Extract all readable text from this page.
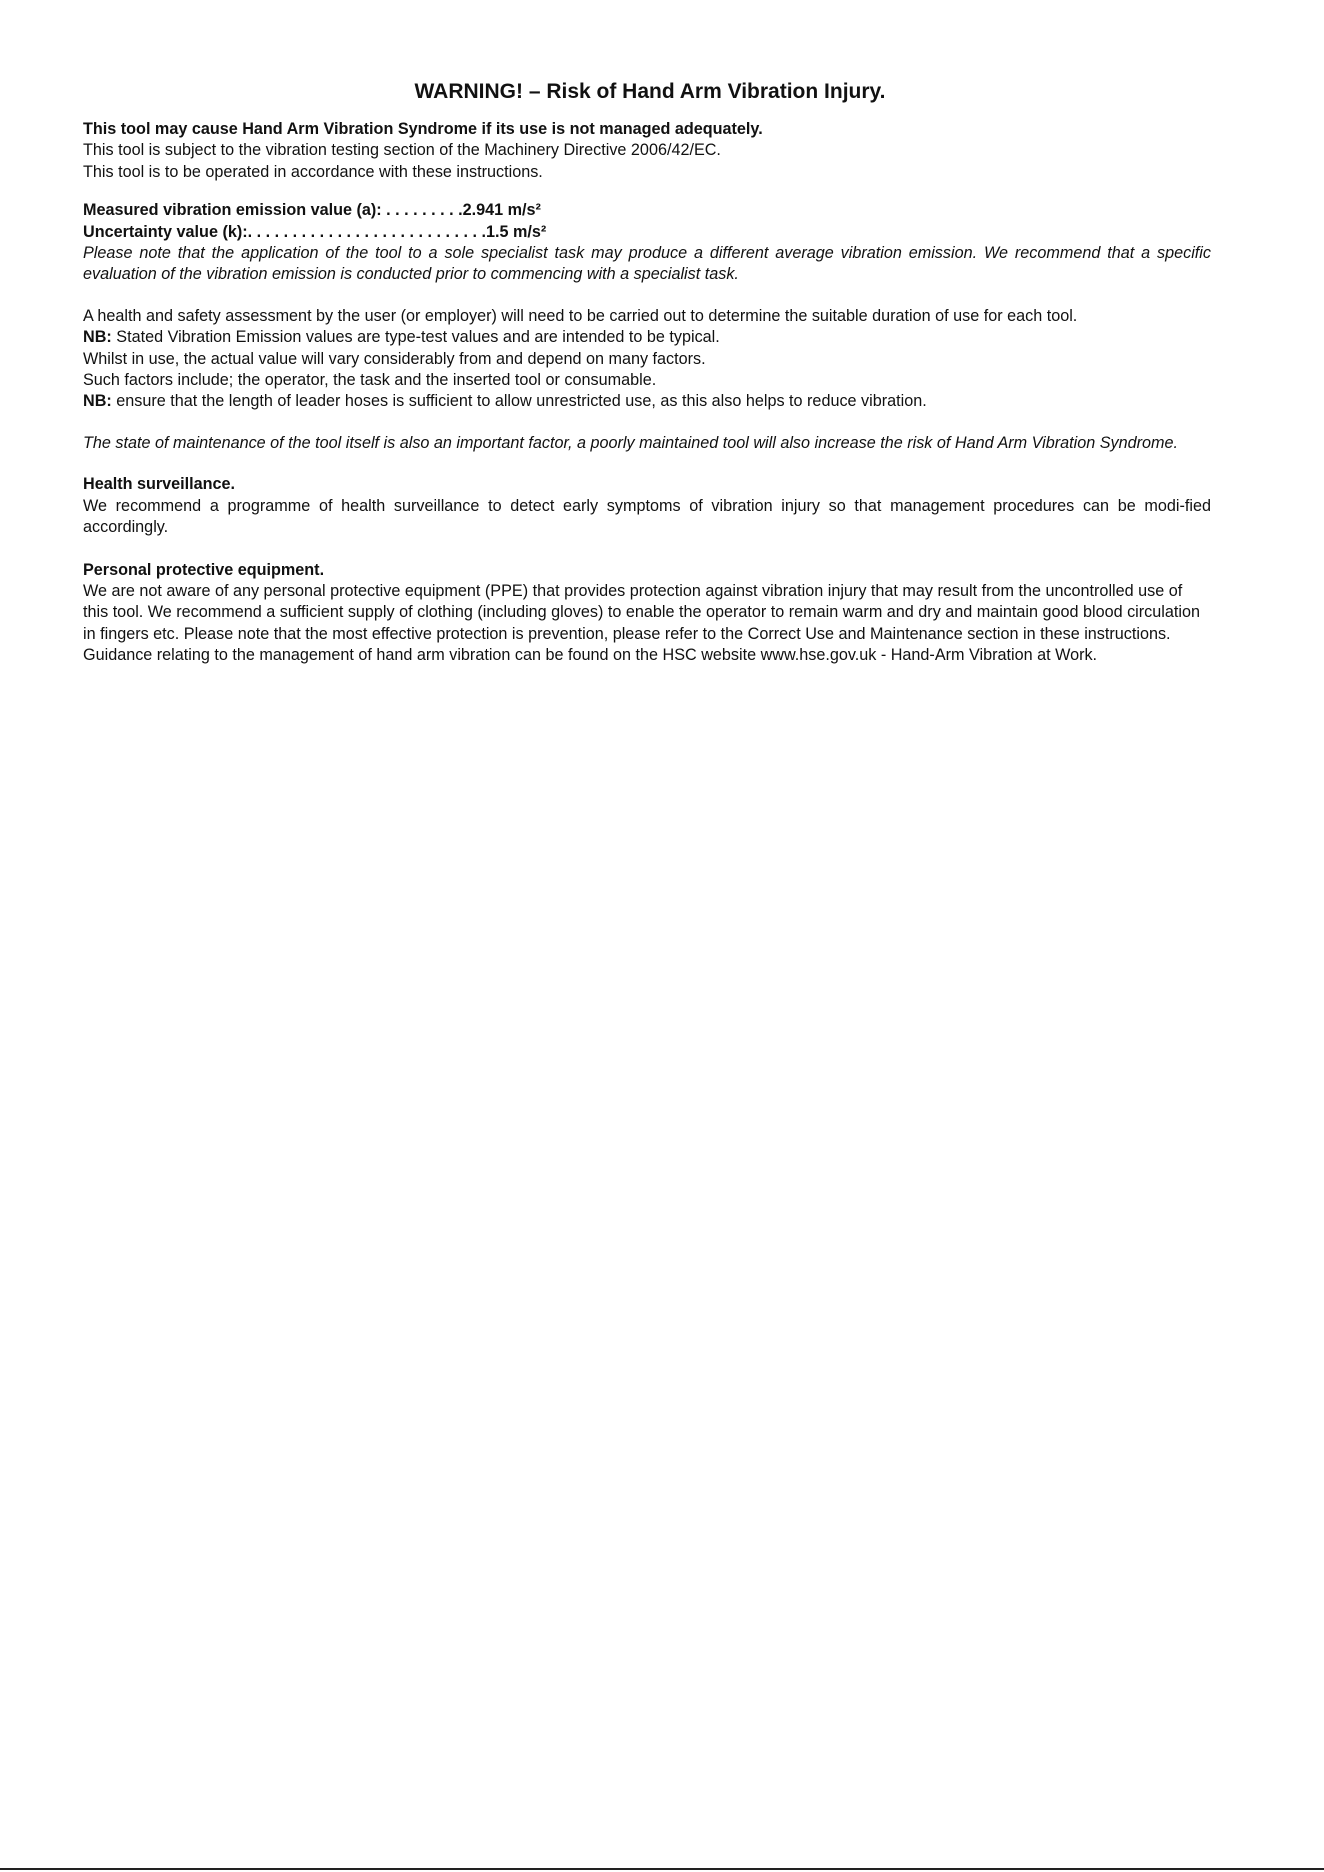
WARNING! – Risk of Hand Arm Vibration Injury.

This tool may cause Hand Arm Vibration Syndrome if its use is not managed adequately.

This tool is subject to the vibration testing section of the Machinery Directive 2006/42/EC.

This tool is to be operated in accordance with these instructions.

Measured vibration emission value (a): . . . . . . . . .2.941 m/s²

Uncertainty value (k):. . . . . . . . . . . . . . . . . . . . . . . . . . .1.5 m/s²

Please note that the application of the tool to a sole specialist task may produce a different average vibration emission. We recommend that a specific evaluation of the vibration emission is conducted prior to commencing with a specialist task.

A health and safety assessment by the user (or employer) will need to be carried out to determine the suitable duration of use for each tool.

NB: Stated Vibration Emission values are type-test values and are intended to be typical.

Whilst in use, the actual value will vary considerably from and depend on many factors.

Such factors include; the operator, the task and the inserted tool or consumable.

NB: ensure that the length of leader hoses is sufficient to allow unrestricted use, as this also helps to reduce vibration.

The state of maintenance of the tool itself is also an important factor, a poorly maintained tool will also increase the risk of Hand Arm Vibration Syndrome.

Health surveillance.

We recommend a programme of health surveillance to detect early symptoms of vibration injury so that management procedures can be modi-fied accordingly.

Personal protective equipment.

We are not aware of any personal protective equipment (PPE) that provides protection against vibration injury that may result from the uncontrolled use of this tool. We recommend a sufficient supply of clothing (including gloves) to enable the operator to remain warm and dry and maintain good blood circulation in fingers etc. Please note that the most effective protection is prevention, please refer to the Correct Use and Maintenance section in these instructions. Guidance relating to the management of hand arm vibration can be found on the HSC website www.hse.gov.uk - Hand-Arm Vibration at Work.
